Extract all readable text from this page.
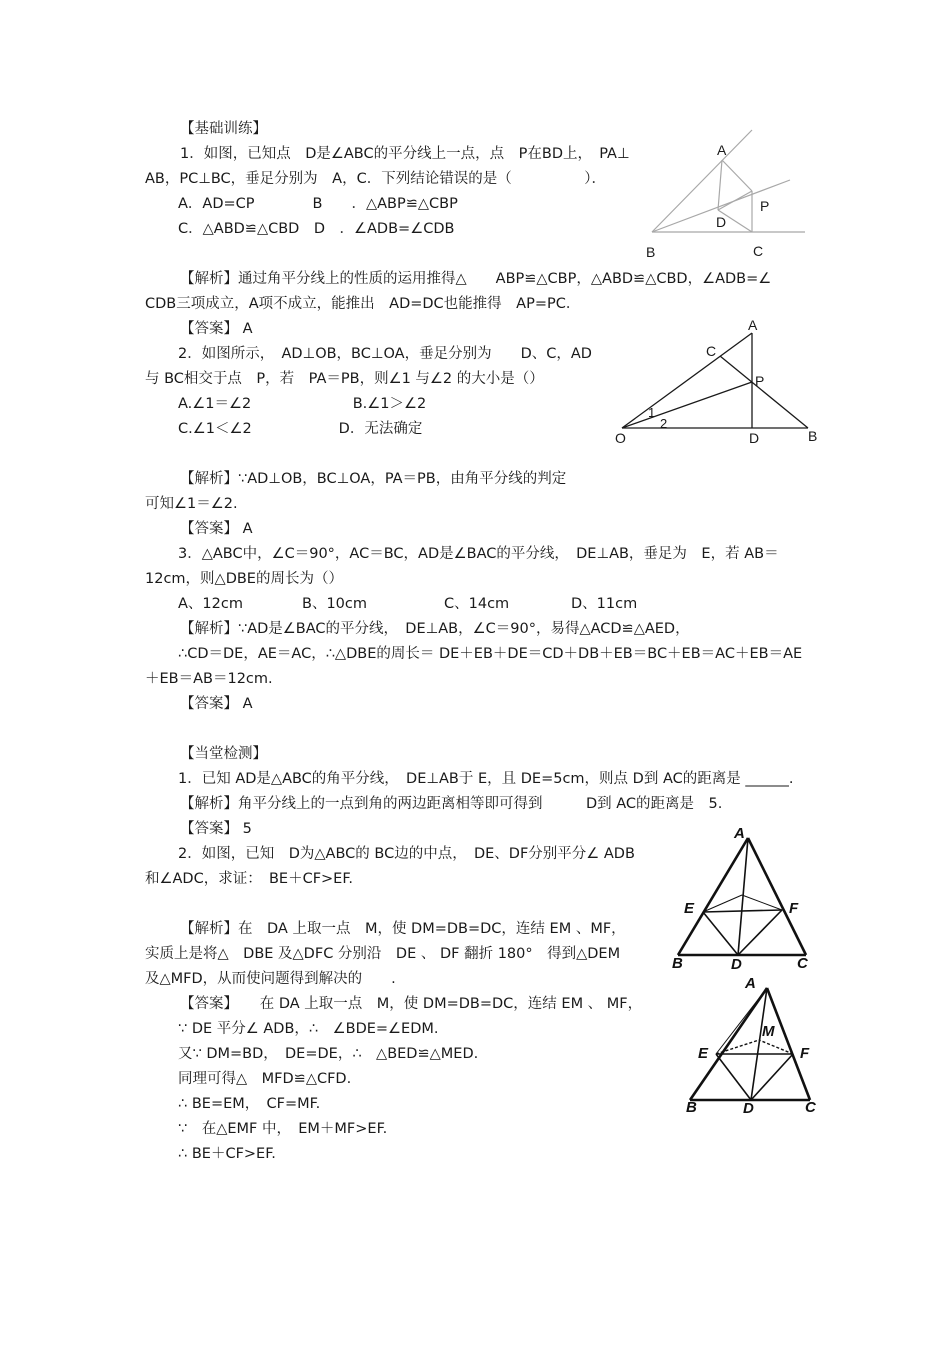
【基础训练】
1．如图，已知点　D是∠ABC的平分线上一点，点　P在BD上，　PA⊥
AB，PC⊥BC，垂足分别为　A，C．下列结论错误的是（　　　　　）．
A．AD=CP　　　　B　　．△ABP≌△CBP
C．△ABD≌△CBD　D　．∠ADB=∠CDB
【解析】通过角平分线上的性质的运用推得△　　ABP≌△CBP，△ABD≌△CBD，∠ADB=∠
CDB三项成立，A项不成立，能推出　AD=DC也能推得　AP=PC．
【答案】 A
A
P
D
B	C
2．如图所示，　AD⊥OB，BC⊥OA，垂足分别为　　D、C，AD
与 BC相交于点　P，若　PA＝PB，则∠1 与∠2 的大小是（）
A.∠1＝∠2　　　　　　　B.∠1＞∠2
C.∠1＜∠2　　　　　　D．无法确定
【解析】∵AD⊥OB，BC⊥OA，PA＝PB，由角平分线的判定
可知∠1＝∠2.
【答案】 A
A
C
P
1
2
O	D	B
3．△ABC中，∠C＝90°，AC＝BC，AD是∠BAC的平分线，　DE⊥AB，垂足为　E，若 AB＝
12cm，则△DBE的周长为（）
A、12cm	B、10cm	C、14cm	D、11cm
【解析】∵AD是∠BAC的平分线，　DE⊥AB，∠C＝90°，易得△ACD≌△AED，
∴CD＝DE，AE＝AC，∴△DBE的周长＝ DE＋EB＋DE＝CD＋DB＋EB＝BC＋EB＝AC＋EB＝AE
＋EB＝AB＝12cm.
【答案】 A
【当堂检测】
1．已知 AD是△ABC的角平分线，　DE⊥AB于 E，且 DE=5cm，则点 D到 AC的距离是 ______.
【解析】角平分线上的一点到角的两边距离相等即可得到　　　D到 AC的距离是　5.
【答案】 5
2．如图，已知　D为△ABC的 BC边的中点，　DE、DF分别平分∠ ADB
和∠ADC，求证：　BE＋CF>EF.
【解析】在　DA 上取一点　M，使 DM=DB=DC，连结 EM 、MF，
实质上是将△　DBE 及△DFC 分别沿　DE 、 DF 翻折 180°　得到△DEM
及△MFD，从而使问题得到解决的　　.
【答案】　　在 DA 上取一点　M，使 DM=DB=DC，连结 EM 、 MF，
∵ DE 平分∠ ADB，∴　∠BDE=∠EDM.
又∵ DM=BD，　DE=DE，∴　△BED≌△MED.
同理可得△　MFD≌△CFD.
∴ BE=EM，　CF=MF.
∵　在△EMF 中，　EM＋MF>EF.
∴ BE＋CF>EF.
A
E	F
B	D	C
A
M
E	F
B	D	C
